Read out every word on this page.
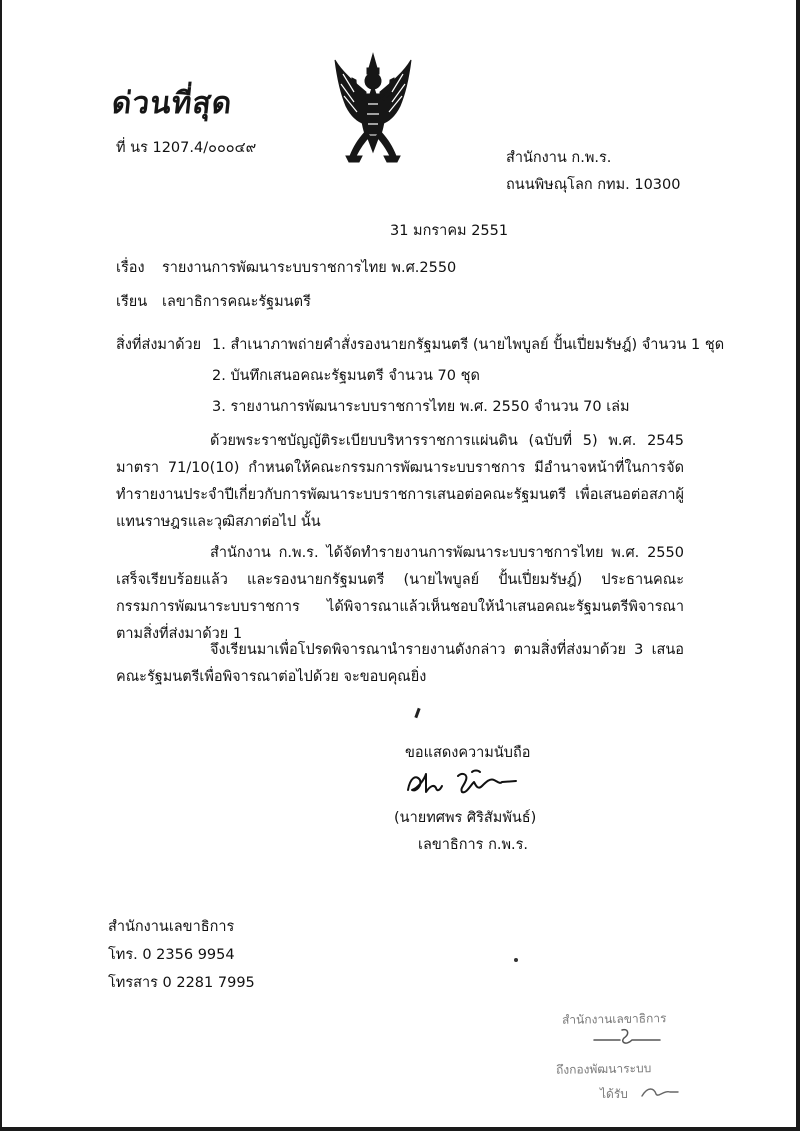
ด่วนที่สุด
ที่ นร 1207.4/๐๐๐๔๙
สำนักงาน ก.พ.ร.
ถนนพิษณุโลก กทม. 10300
31 มกราคม 2551
เรื่อง รายงานการพัฒนาระบบราชการไทย พ.ศ.2550
เรียน เลขาธิการคณะรัฐมนตรี
สิ่งที่ส่งมาด้วย 1. สำเนาภาพถ่ายคำสั่งรองนายกรัฐมนตรี (นายไพบูลย์ ปั้นเปี่ยมรัษฎ์) จำนวน 1 ชุด
2. บันทึกเสนอคณะรัฐมนตรี จำนวน 70 ชุด
3. รายงานการพัฒนาระบบราชการไทย พ.ศ. 2550 จำนวน 70 เล่ม
ด้วยพระราชบัญญัติระเบียบบริหารราชการแผ่นดิน (ฉบับที่ 5) พ.ศ. 2545 มาตรา 71/10(10) กำหนดให้คณะกรรมการพัฒนาระบบราชการ มีอำนาจหน้าที่ในการจัดทำรายงานประจำปีเกี่ยวกับการพัฒนาระบบราชการเสนอต่อคณะรัฐมนตรี เพื่อเสนอต่อสภาผู้แทนราษฎรและวุฒิสภาต่อไป นั้น
สำนักงาน ก.พ.ร. ได้จัดทำรายงานการพัฒนาระบบราชการไทย พ.ศ. 2550 เสร็จเรียบร้อยแล้ว และรองนายกรัฐมนตรี (นายไพบูลย์ ปั้นเปี่ยมรัษฎ์) ประธานคณะกรรมการพัฒนาระบบราชการ ได้พิจารณาแล้วเห็นชอบให้นำเสนอคณะรัฐมนตรีพิจารณา ตามสิ่งที่ส่งมาด้วย 1
จึงเรียนมาเพื่อโปรดพิจารณานำรายงานดังกล่าว ตามสิ่งที่ส่งมาด้วย 3 เสนอคณะรัฐมนตรีเพื่อพิจารณาต่อไปด้วย จะขอบคุณยิ่ง
ขอแสดงความนับถือ
(นายทศพร ศิริสัมพันธ์)
เลขาธิการ ก.พ.ร.
สำนักงานเลขาธิการ
โทร. 0 2356 9954
โทรสาร 0 2281 7995
สำนักงานเลขาธิการ
ถึงกองพัฒนาระบบ
ได้รับ
